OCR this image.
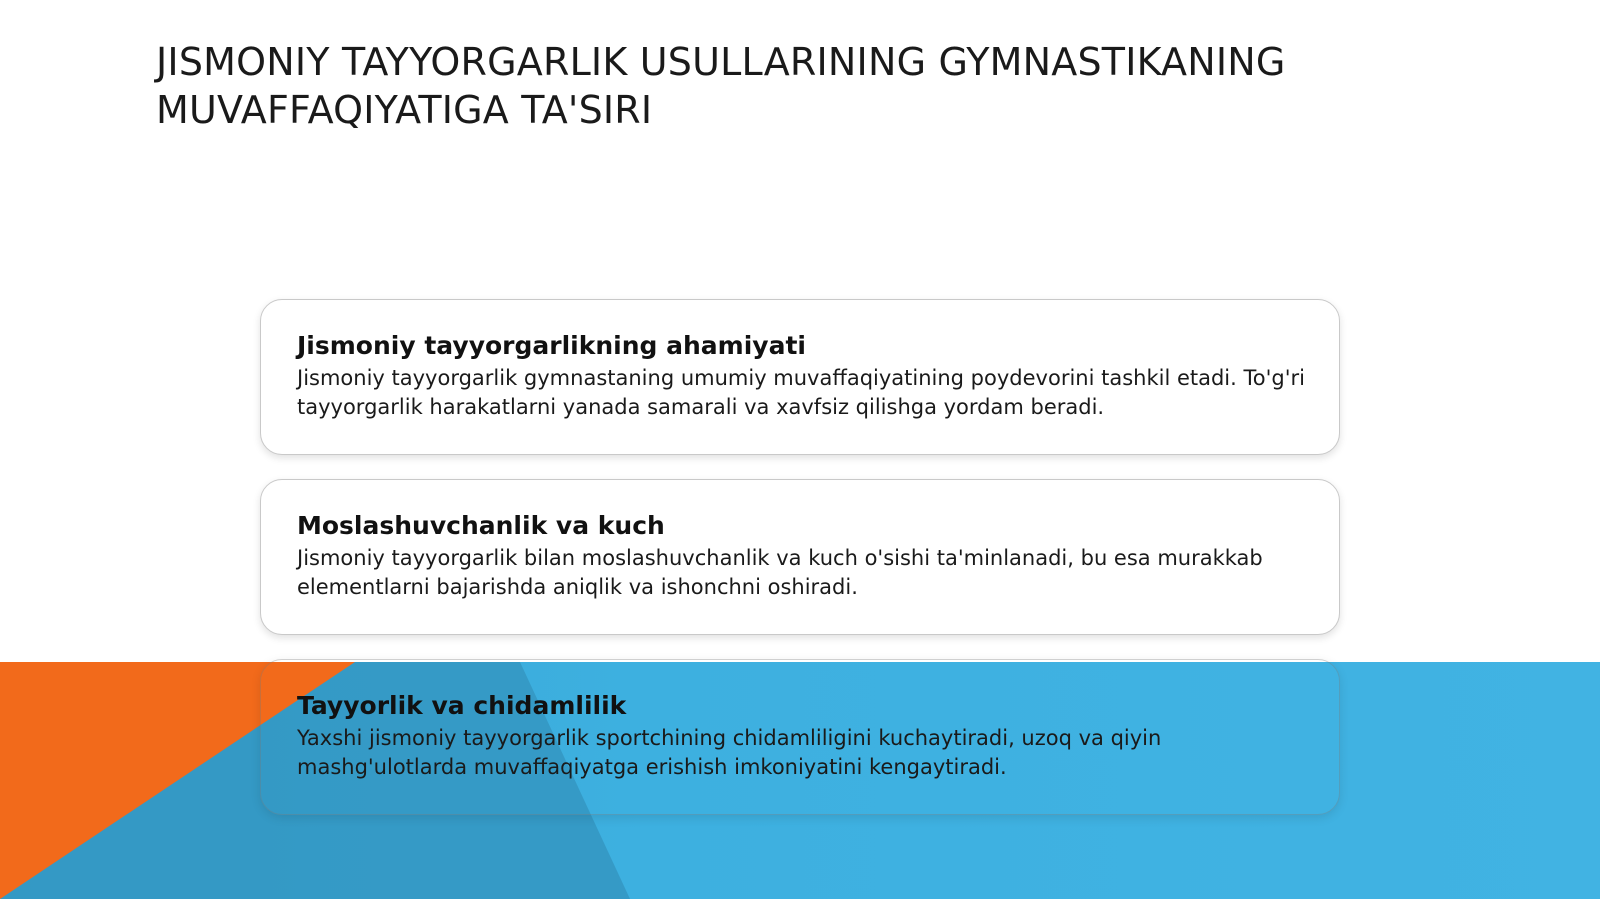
JISMONIY TAYYORGARLIK USULLARINING GYMNASTIKANING MUVAFFAQIYATIGA TA'SIRI

Jismoniy tayyorgarlikning ahamiyati

Jismoniy tayyorgarlik gymnastaning umumiy muvaffaqiyatining poydevorini tashkil etadi. To'g'ri tayyorgarlik harakatlarni yanada samarali va xavfsiz qilishga yordam beradi.

Moslashuvchanlik va kuch

Jismoniy tayyorgarlik bilan moslashuvchanlik va kuch o'sishi ta'minlanadi, bu esa murakkab elementlarni bajarishda aniqlik va ishonchni oshiradi.

Tayyorlik va chidamlilik

Yaxshi jismoniy tayyorgarlik sportchining chidamliligini kuchaytiradi, uzoq va qiyin mashg'ulotlarda muvaffaqiyatga erishish imkoniyatini kengaytiradi.
